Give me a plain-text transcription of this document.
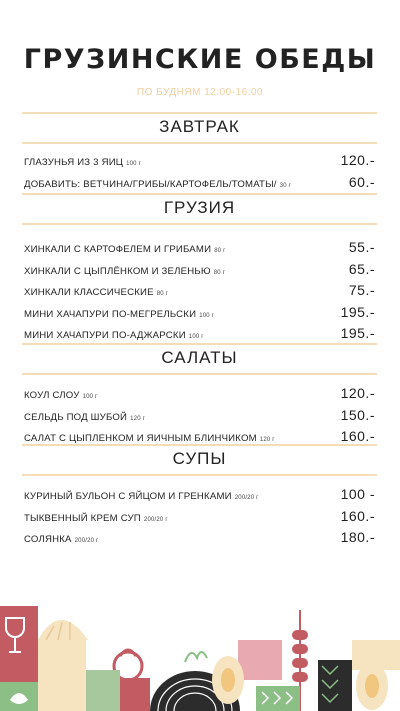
ГРУЗИНСКИЕ ОБЕДЫ
ПО БУДНЯМ 12:00-16:00
ЗАВТРАК
ГЛАЗУНЬЯ ИЗ 3 ЯИЦ 100 г	120.-
ДОБАВИТЬ: ВЕТЧИНА/ГРИБЫ/КАРТОФЕЛЬ/ТОМАТЫ/ 30 г	60.-
ГРУЗИЯ
ХИНКАЛИ С КАРТОФЕЛЕМ И ГРИБАМИ 80 г	55.-
ХИНКАЛИ С ЦЫПЛЁНКОМ И ЗЕЛЕНЬЮ 80 г	65.-
ХИНКАЛИ КЛАССИЧЕСКИЕ 80 г	75.-
МИНИ ХАЧАПУРИ ПО-МЕГРЕЛЬСКИ 100 г	195.-
МИНИ ХАЧАПУРИ ПО-АДЖАРСКИ 100 г	195.-
САЛАТЫ
КОУЛ СЛОУ 100 г	120.-
СЕЛЬДЬ ПОД ШУБОЙ 120 г	150.-
САЛАТ С ЦЫПЛЕНКОМ И ЯИЧНЫМ БЛИНЧИКОМ 120 г	160.-
СУПЫ
КУРИНЫЙ БУЛЬОН С ЯЙЦОМ И ГРЕНКАМИ 200/20 г	100 -
ТЫКВЕННЫЙ КРЕМ СУП 200/20 г	160.-
СОЛЯНКА 200/20 г	180.-
